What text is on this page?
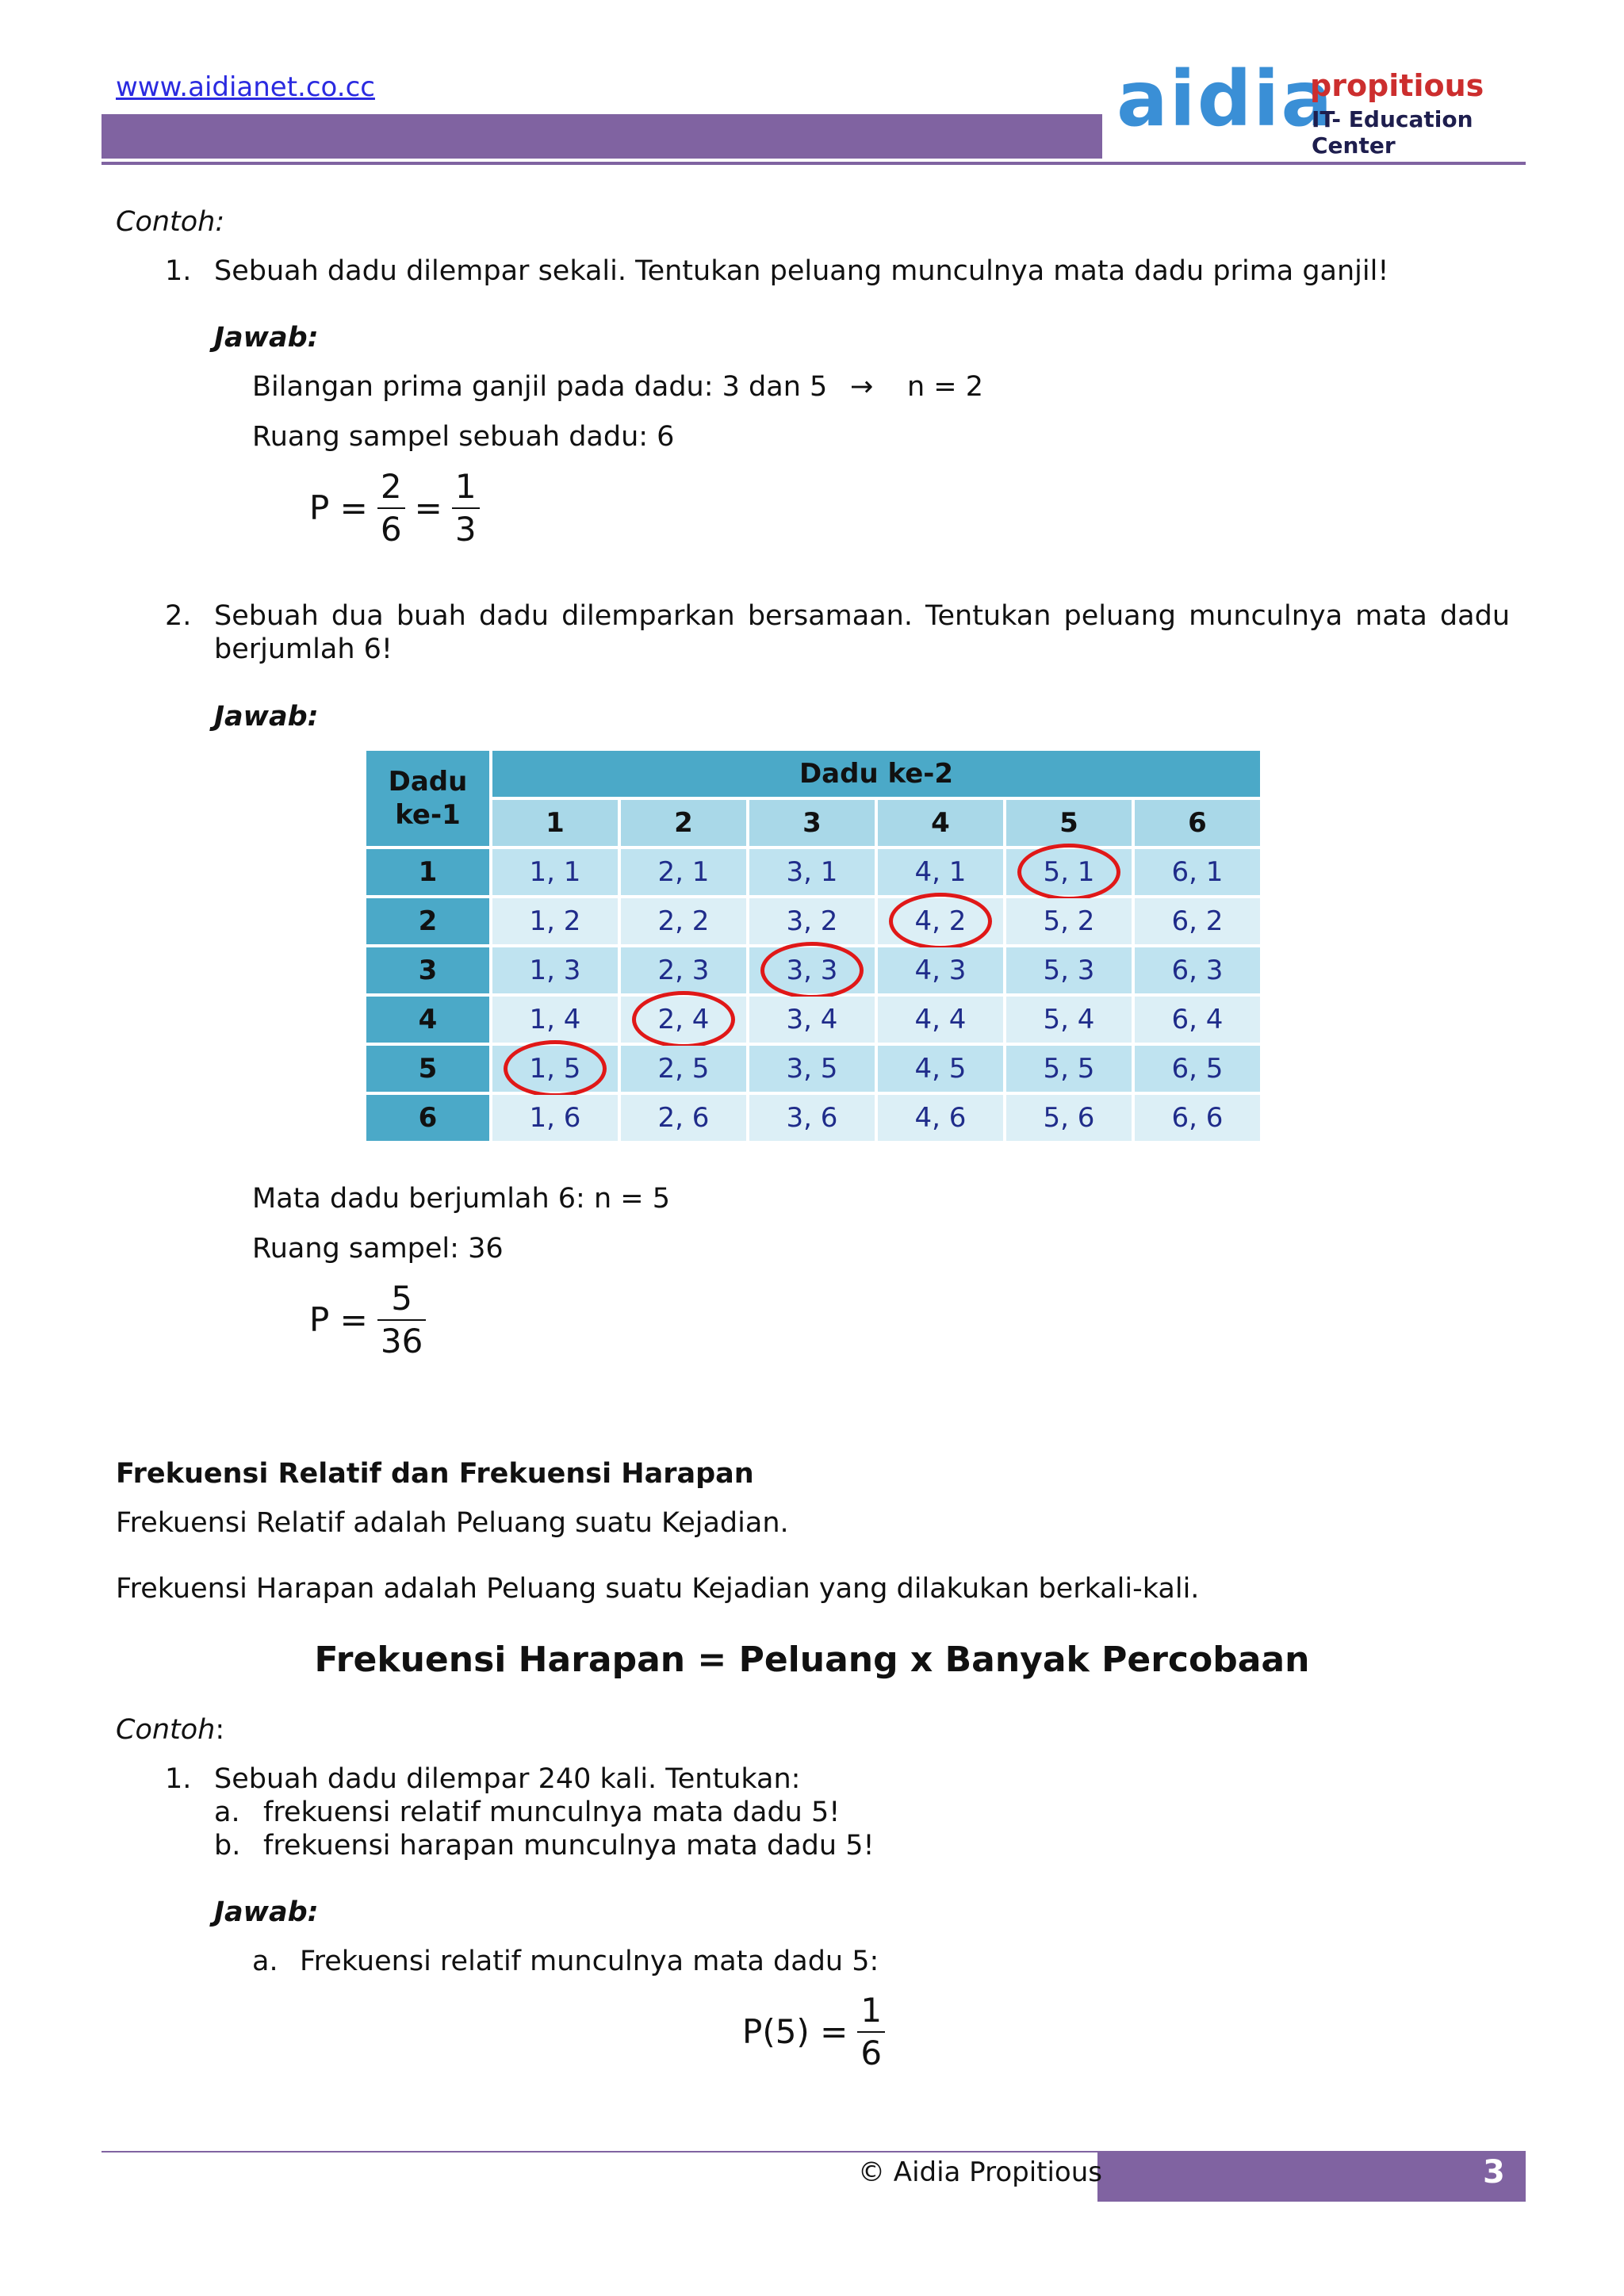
www.aidianet.co.cc	aidia
propitious
IT- Education Center
Contoh:
1. Sebuah dadu dilempar sekali. Tentukan peluang munculnya mata dadu prima ganjil!
Jawab:
Bilangan prima ganjil pada dadu: 3 dan 5 → n = 2
Ruang sampel sebuah dadu: 6
$P = \frac{2}{6} = \frac{1}{3}$
2. Sebuah dua buah dadu dilemparkan bersamaan. Tentukan peluang munculnya mata dadu
berjumlah 6!
Jawab:
Dadu
ke-1	Dadu ke-2					
	1	2	3	4	5	6
1	1, 1	2, 1	3, 1	4, 1	5, 1	6, 1
2	1, 2	2, 2	3, 2	4, 2	5, 2	6, 2
3	1, 3	2, 3	3, 3	4, 3	5, 3	6, 3
4	1, 4	2, 4	3, 4	4, 4	5, 4	6, 4
5	1, 5	2, 5	3, 5	4, 5	5, 5	6, 5
6	1, 6	2, 6	3, 6	4, 6	5, 6	6, 6
Mata dadu berjumlah 6: n = 5
Ruang sampel: 36
$P = \frac{5}{36}$
Frekuensi Relatif dan Frekuensi Harapan
Frekuensi Relatif adalah Peluang suatu Kejadian.
Frekuensi Harapan adalah Peluang suatu Kejadian yang dilakukan berkali-kali.
Frekuensi Harapan = Peluang x Banyak Percobaan
Contoh:
1. Sebuah dadu dilempar 240 kali. Tentukan:
a. frekuensi relatif munculnya mata dadu 5!
b. frekuensi harapan munculnya mata dadu 5!
Jawab:
a. Frekuensi relatif munculnya mata dadu 5:
$P(5) = \frac{1}{6}$
© Aidia Propitious	3
